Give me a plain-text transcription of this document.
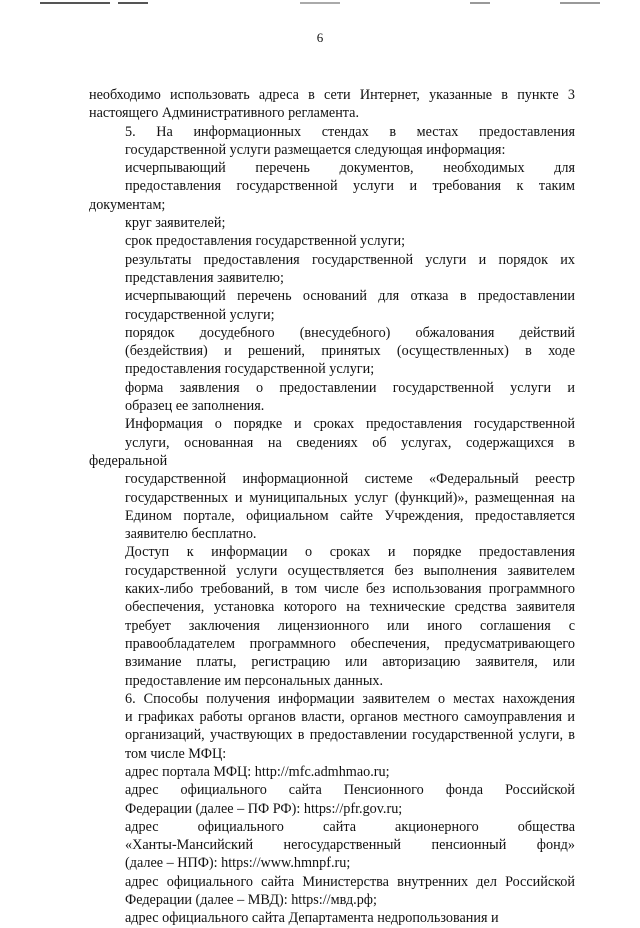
6

необходимо использовать адреса в сети Интернет, указанные в пункте 3
настоящего Административного регламента.

5. На информационных стендах в местах предоставления
государственной услуги размещается следующая информация:

исчерпывающий перечень документов, необходимых для
предоставления государственной услуги и требования к таким документам;

круг заявителей;

срок предоставления государственной услуги;

результаты предоставления государственной услуги и порядок их
представления заявителю;

исчерпывающий перечень оснований для отказа в предоставлении
государственной услуги;

порядок досудебного (внесудебного) обжалования действий
(бездействия) и решений, принятых (осуществленных) в ходе
предоставления государственной услуги;

форма заявления о предоставлении государственной услуги и
образец ее заполнения.

Информация о порядке и сроках предоставления государственной
услуги, основанная на сведениях об услугах, содержащихся в федеральной
государственной информационной системе «Федеральный реестр
государственных и муниципальных услуг (функций)», размещенная на
Едином портале, официальном сайте Учреждения, предоставляется
заявителю бесплатно.

Доступ к информации о сроках и порядке предоставления
государственной услуги осуществляется без выполнения заявителем
каких-либо требований, в том числе без использования программного
обеспечения, установка которого на технические средства заявителя
требует заключения лицензионного или иного соглашения с
правообладателем программного обеспечения, предусматривающего
взимание платы, регистрацию или авторизацию заявителя, или
предоставление им персональных данных.

6. Способы получения информации заявителем о местах нахождения
и графиках работы органов власти, органов местного самоуправления и
организаций, участвующих в предоставлении государственной услуги, в
том числе МФЦ:

адрес портала МФЦ: http://mfc.admhmao.ru;

адрес официального сайта Пенсионного фонда Российской
Федерации (далее – ПФ РФ): https://pfr.gov.ru;

адрес официального сайта акционерного общества
«Ханты-Мансийский негосударственный пенсионный фонд»
(далее – НПФ): https://www.hmnpf.ru;

адрес официального сайта Министерства внутренних дел Российской
Федерации (далее – МВД): https://мвд.рф;

адрес официального сайта Департамента недропользования и
